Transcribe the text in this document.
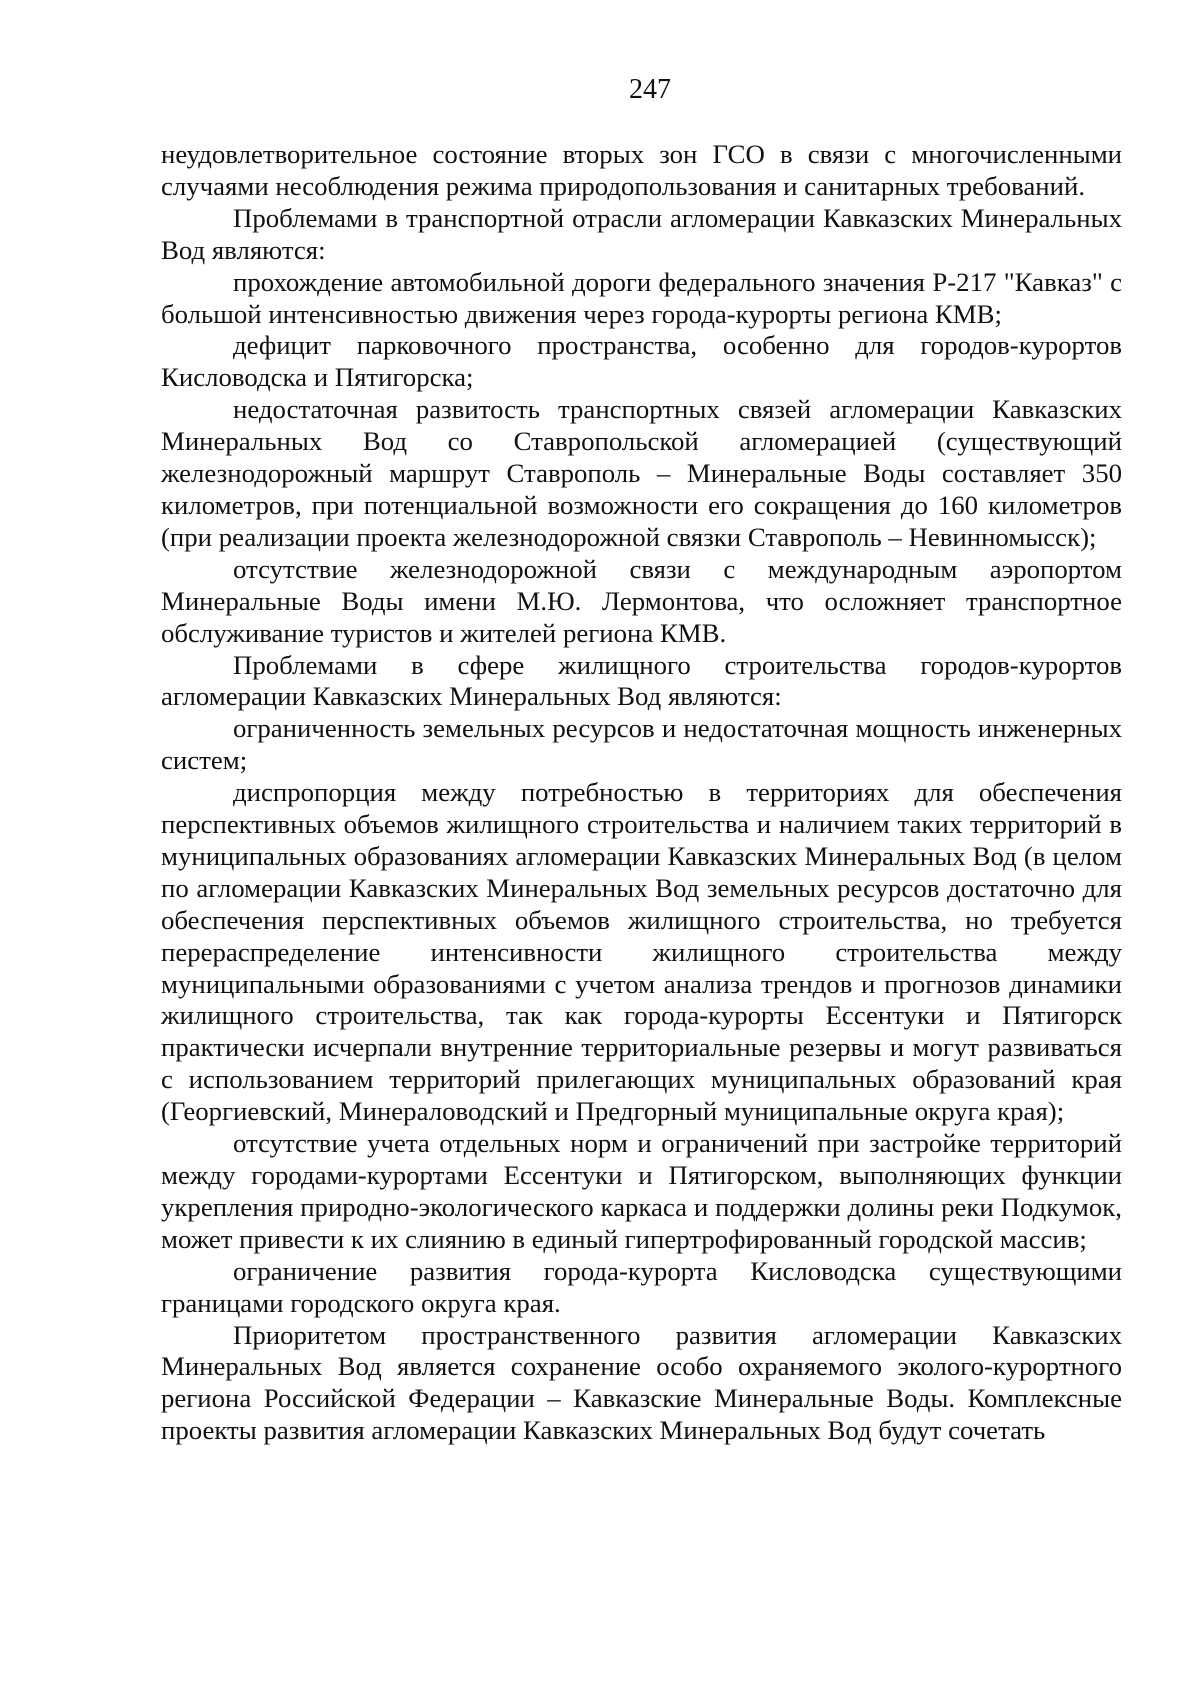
247

неудовлетворительное состояние вторых зон ГСО в связи с многочисленными случаями несоблюдения режима природопользования и санитарных требований.

Проблемами в транспортной отрасли агломерации Кавказских Минеральных Вод являются:

прохождение автомобильной дороги федерального значения Р-217 "Кавказ" с большой интенсивностью движения через города-курорты региона КМВ;

дефицит парковочного пространства, особенно для городов-курортов Кисловодска и Пятигорска;

недостаточная развитость транспортных связей агломерации Кавказских Минеральных Вод со Ставропольской агломерацией (существующий железнодорожный маршрут Ставрополь – Минеральные Воды составляет 350 километров, при потенциальной возможности его сокращения до 160 километров (при реализации проекта железнодорожной связки Ставрополь – Невинномысск);

отсутствие железнодорожной связи с международным аэропортом Минеральные Воды имени М.Ю. Лермонтова, что осложняет транспортное обслуживание туристов и жителей региона КМВ.

Проблемами в сфере жилищного строительства городов-курортов агломерации Кавказских Минеральных Вод являются:

ограниченность земельных ресурсов и недостаточная мощность инженерных систем;

диспропорция между потребностью в территориях для обеспечения перспективных объемов жилищного строительства и наличием таких территорий в муниципальных образованиях агломерации Кавказских Минеральных Вод (в целом по агломерации Кавказских Минеральных Вод земельных ресурсов достаточно для обеспечения перспективных объемов жилищного строительства, но требуется перераспределение интенсивности жилищного строительства между муниципальными образованиями с учетом анализа трендов и прогнозов динамики жилищного строительства, так как города-курорты Ессентуки и Пятигорск практически исчерпали внутренние территориальные резервы и могут развиваться с использованием территорий прилегающих муниципальных образований края (Георгиевский, Минераловодский и Предгорный муниципальные округа края);

отсутствие учета отдельных норм и ограничений при застройке территорий между городами-курортами Ессентуки и Пятигорском, выполняющих функции укрепления природно-экологического каркаса и поддержки долины реки Подкумок, может привести к их слиянию в единый гипертрофированный городской массив;

ограничение развития города-курорта Кисловодска существующими границами городского округа края.

Приоритетом пространственного развития агломерации Кавказских Минеральных Вод является сохранение особо охраняемого эколого-курортного региона Российской Федерации – Кавказские Минеральные Воды. Комплексные проекты развития агломерации Кавказских Минеральных Вод будут сочетать
